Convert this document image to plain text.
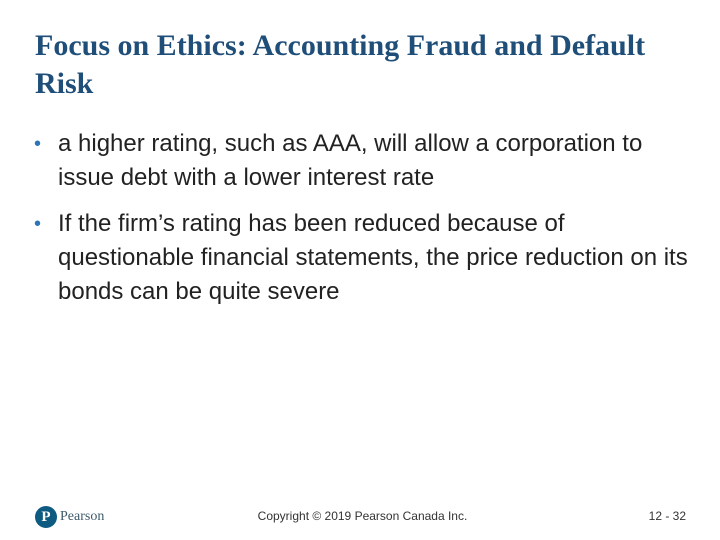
Focus on Ethics: Accounting Fraud and Default Risk
• a higher rating, such as AAA, will allow a corporation to issue debt with a lower interest rate
• If the firm’s rating has been reduced because of questionable financial statements, the price reduction on its bonds can be quite severe
P Pearson	Copyright © 2019 Pearson Canada Inc.	12 - 32
